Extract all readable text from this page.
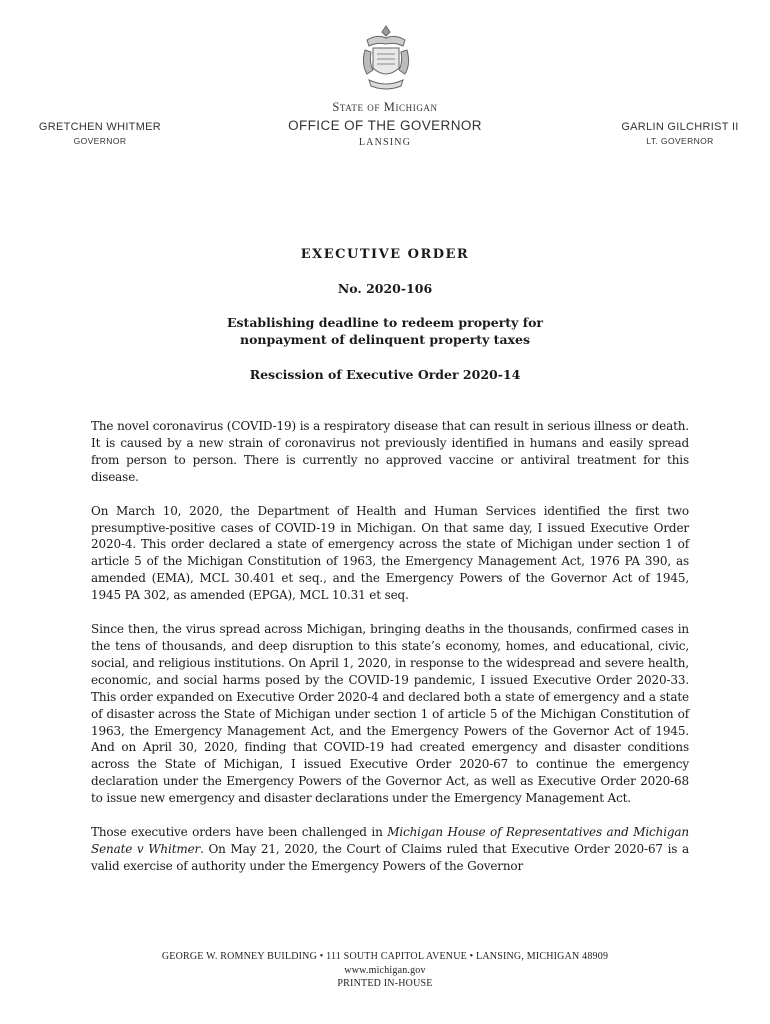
State of Michigan
OFFICE OF THE GOVERNOR
LANSING
GRETCHEN WHITMER
GOVERNOR
GARLIN GILCHRIST II
LT. GOVERNOR
EXECUTIVE ORDER
No. 2020-106
Establishing deadline to redeem property for
nonpayment of delinquent property taxes
Rescission of Executive Order 2020-14

The novel coronavirus (COVID-19) is a respiratory disease that can result in serious illness or death. It is caused by a new strain of coronavirus not previously identified in humans and easily spread from person to person. There is currently no approved vaccine or antiviral treatment for this disease.

On March 10, 2020, the Department of Health and Human Services identified the first two presumptive-positive cases of COVID-19 in Michigan. On that same day, I issued Executive Order 2020-4. This order declared a state of emergency across the state of Michigan under section 1 of article 5 of the Michigan Constitution of 1963, the Emergency Management Act, 1976 PA 390, as amended (EMA), MCL 30.401 et seq., and the Emergency Powers of the Governor Act of 1945, 1945 PA 302, as amended (EPGA), MCL 10.31 et seq.

Since then, the virus spread across Michigan, bringing deaths in the thousands, confirmed cases in the tens of thousands, and deep disruption to this state’s economy, homes, and educational, civic, social, and religious institutions. On April 1, 2020, in response to the widespread and severe health, economic, and social harms posed by the COVID-19 pandemic, I issued Executive Order 2020-33. This order expanded on Executive Order 2020-4 and declared both a state of emergency and a state of disaster across the State of Michigan under section 1 of article 5 of the Michigan Constitution of 1963, the Emergency Management Act, and the Emergency Powers of the Governor Act of 1945. And on April 30, 2020, finding that COVID-19 had created emergency and disaster conditions across the State of Michigan, I issued Executive Order 2020-67 to continue the emergency declaration under the Emergency Powers of the Governor Act, as well as Executive Order 2020-68 to issue new emergency and disaster declarations under the Emergency Management Act.

Those executive orders have been challenged in Michigan House of Representatives and Michigan Senate v Whitmer. On May 21, 2020, the Court of Claims ruled that Executive Order 2020-67 is a valid exercise of authority under the Emergency Powers of the Governor

GEORGE W. ROMNEY BUILDING • 111 SOUTH CAPITOL AVENUE • LANSING, MICHIGAN 48909
www.michigan.gov
PRINTED IN-HOUSE
